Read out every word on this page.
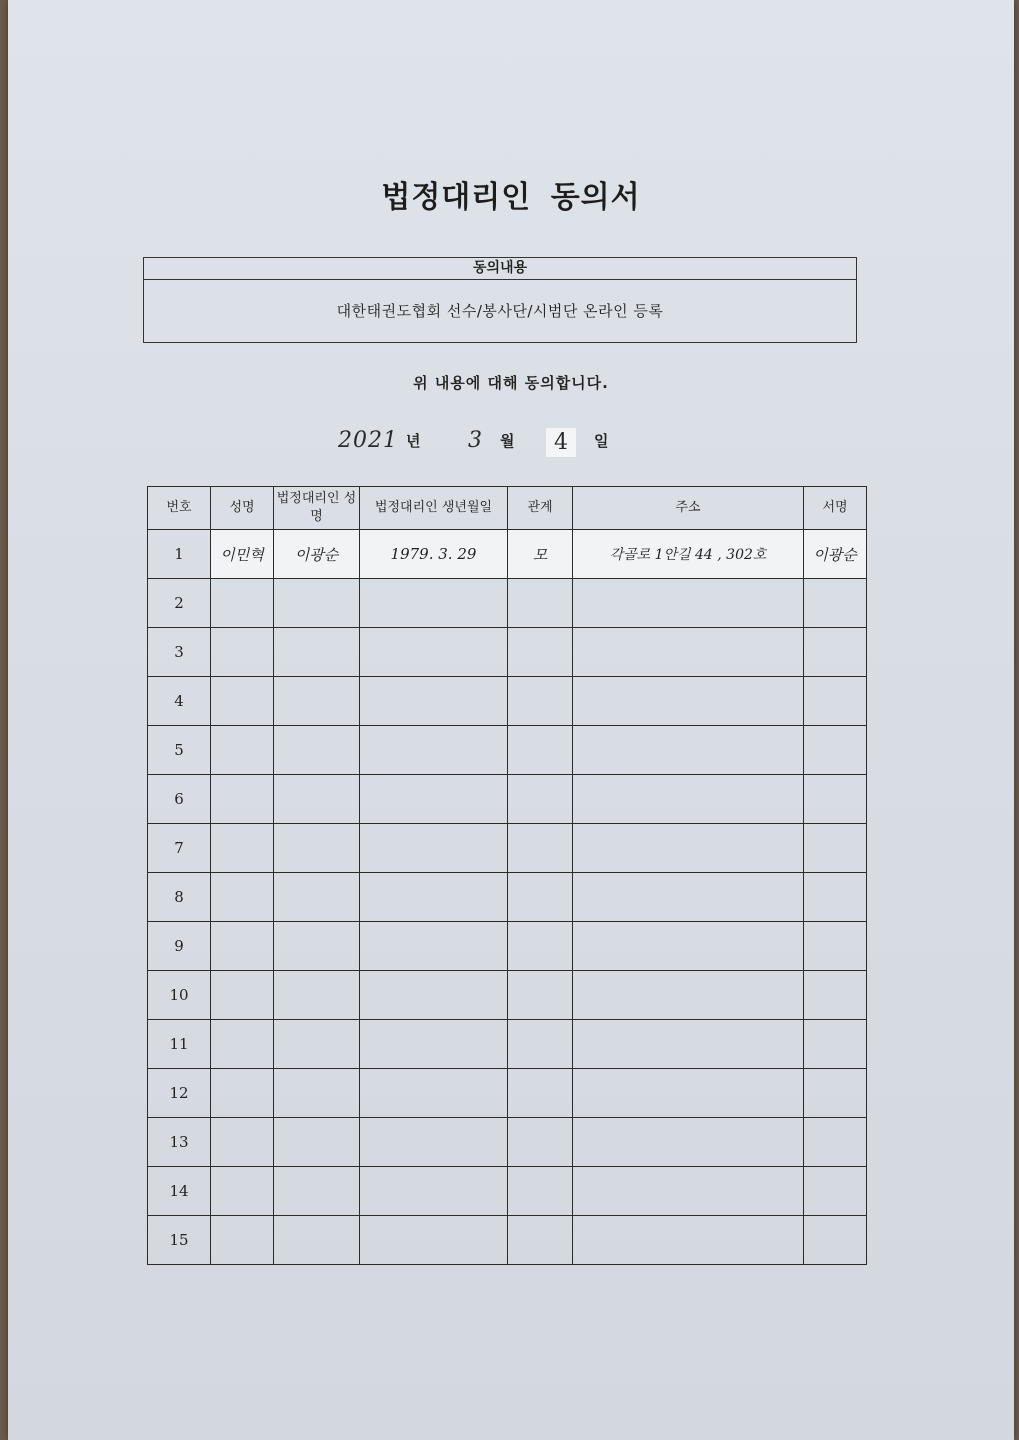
법정대리인 동의서
동의내용
대한태권도협회 선수/봉사단/시범단 온라인 등록
위 내용에 대해 동의합니다.
2021 년 3 월	4	일
번호	성명	법정대리인 성명	법정대리인 생년월일	관계	주소	서명
1	이민혁	이광순	1979. 3. 29	모	각골로 1안길 44 , 302호	이광순
2						
3						
4						
5						
6						
7						
8						
9						
10						
11						
12						
13						
14						
15						
